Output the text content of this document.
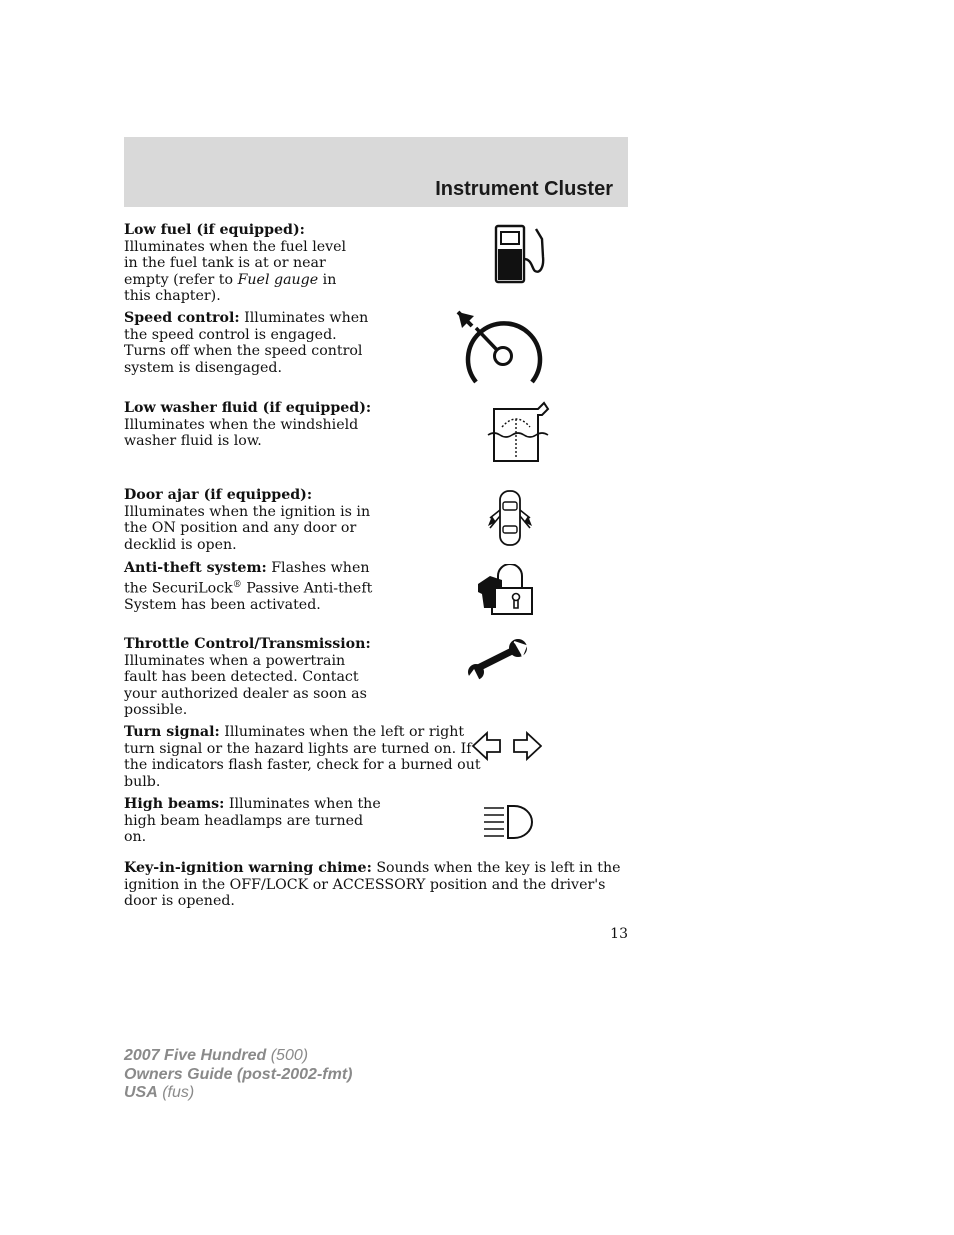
Instrument Cluster
Low fuel (if equipped): Illuminates when the fuel level in the fuel tank is at or near empty (refer to Fuel gauge in this chapter).
Speed control: Illuminates when the speed control is engaged. Turns off when the speed control system is disengaged.
Low washer fluid (if equipped): Illuminates when the windshield washer fluid is low.
Door ajar (if equipped): Illuminates when the ignition is in the ON position and any door or decklid is open.
Anti-theft system: Flashes when the SecuriLock® Passive Anti-theft System has been activated.
Throttle Control/Transmission: Illuminates when a powertrain fault has been detected. Contact your authorized dealer as soon as possible.
Turn signal: Illuminates when the left or right turn signal or the hazard lights are turned on. If the indicators flash faster, check for a burned out bulb.
High beams: Illuminates when the high beam headlamps are turned on.
Key-in-ignition warning chime: Sounds when the key is left in the ignition in the OFF/LOCK or ACCESSORY position and the driver's door is opened.
13
2007 Five Hundred (500)
Owners Guide (post-2002-fmt)
USA (fus)
